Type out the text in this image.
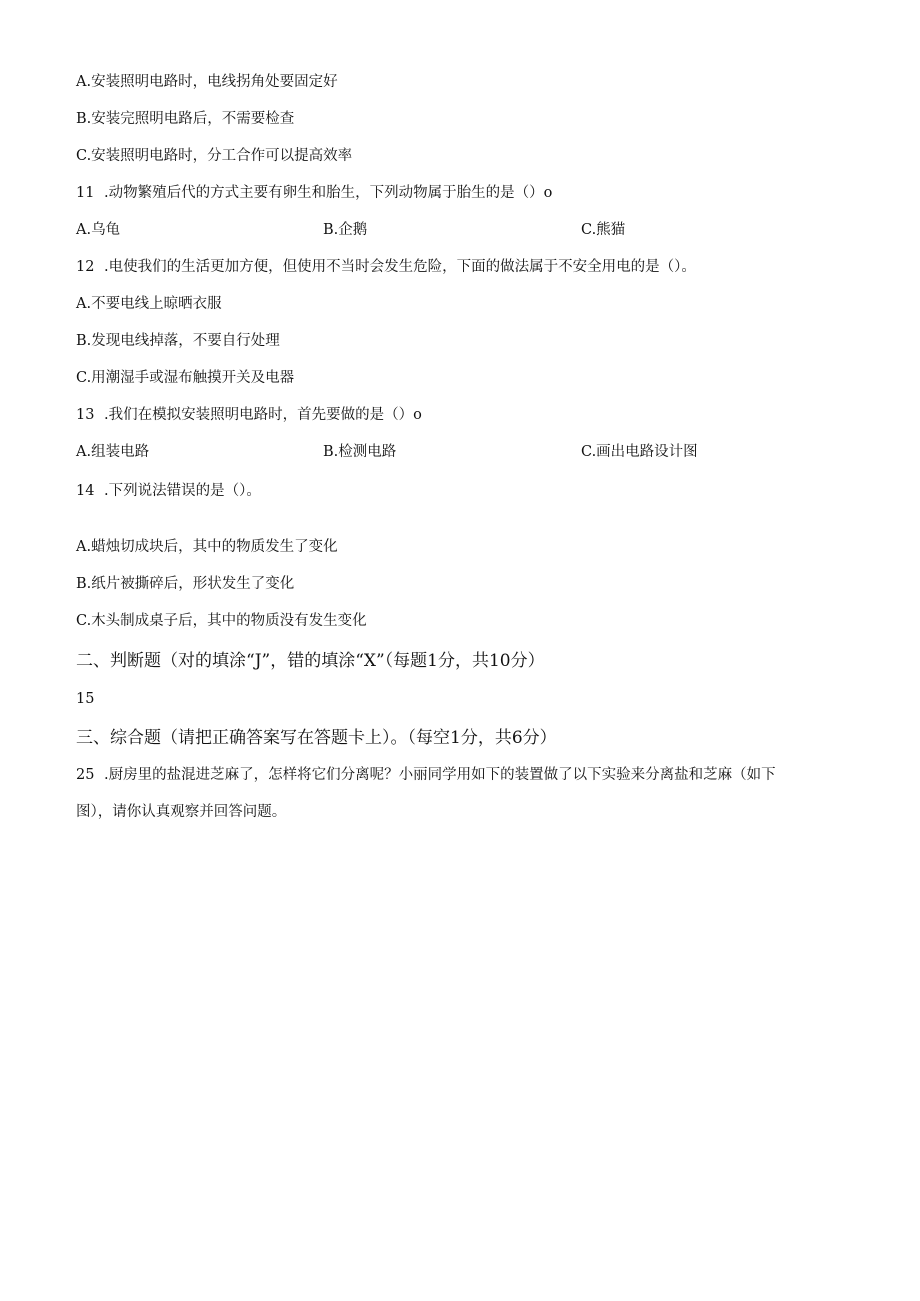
A.安装照明电路时，电线拐角处要固定好
B.安装完照明电路后，不需要检查
C.安装照明电路时，分工合作可以提高效率
11 .动物繁殖后代的方式主要有卵生和胎生，下列动物属于胎生的是（）o
A.乌龟	B.企鹅	C.熊猫
12 .电使我们的生活更加方便，但使用不当时会发生危险，下面的做法属于不安全用电的是（）。
A.不要电线上晾晒衣服
B.发现电线掉落，不要自行处理
C.用潮湿手或湿布触摸开关及电器
13 .我们在模拟安装照明电路时，首先要做的是（）o
A.组装电路	B.检测电路	C.画出电路设计图
14 .下列说法错误的是（）。
A.蜡烛切成块后，其中的物质发生了变化
B.纸片被撕碎后，形状发生了变化
C.木头制成桌子后，其中的物质没有发生变化
二、判断题（对的填涂“J”，错的填涂“X”（每题1分，共10分）
15
三、综合题（请把正确答案写在答题卡上）。（每空1分，共6分）
25 .厨房里的盐混进芝麻了，怎样将它们分离呢？小丽同学用如下的装置做了以下实验来分离盐和芝麻（如下
图），请你认真观察并回答问题。
